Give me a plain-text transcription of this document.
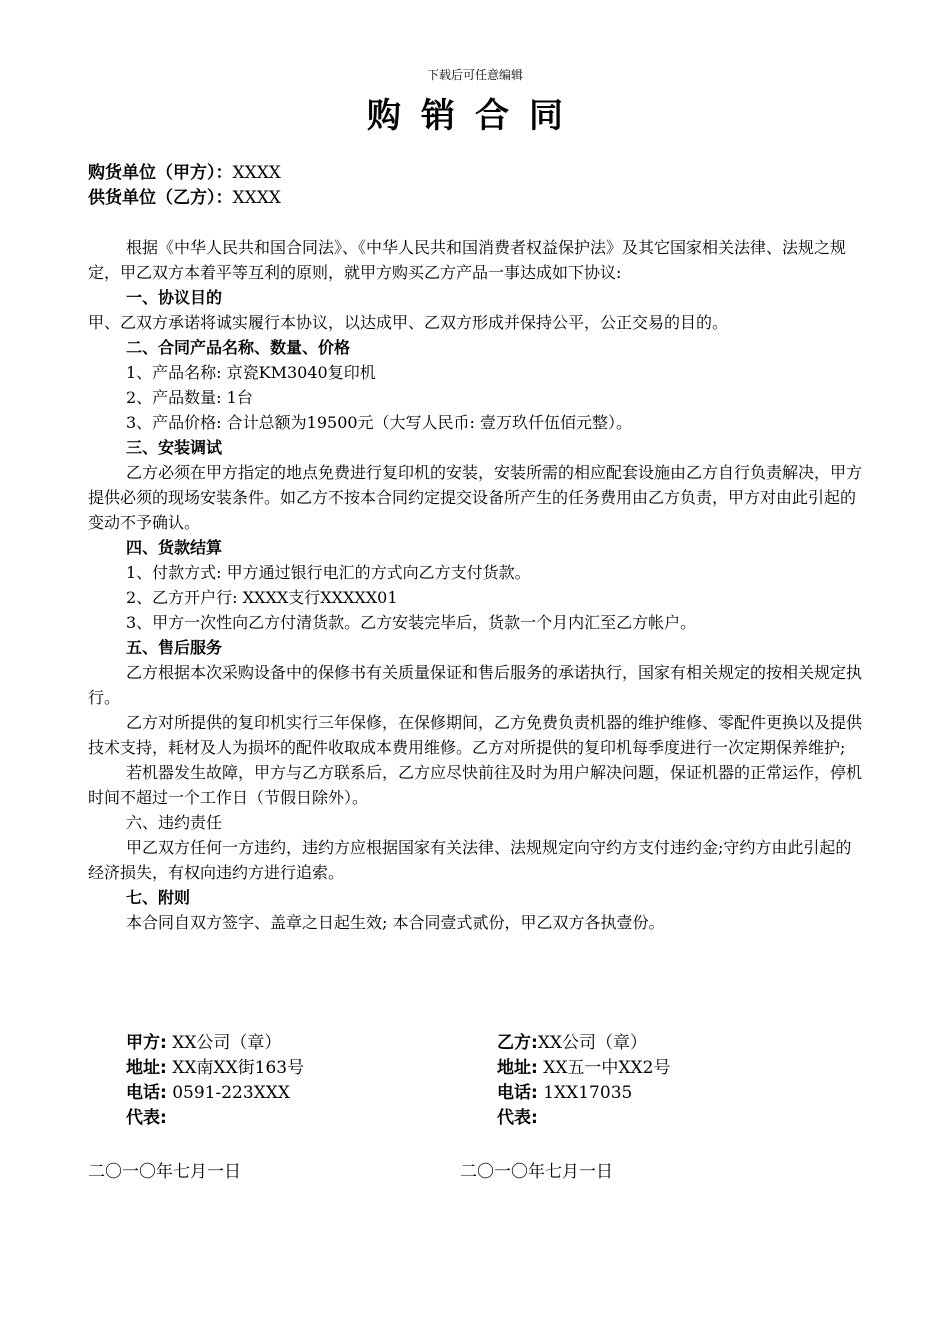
下载后可任意编辑
购销合同
购货单位（甲方）：XXXX
供货单位（乙方）：XXXX

根据《中华人民共和国合同法》、《中华人民共和国消费者权益保护法》及其它国家相关法律、法规之规定，甲乙双方本着平等互利的原则，就甲方购买乙方产品一事达成如下协议:

一、协议目的

甲、乙双方承诺将诚实履行本协议，以达成甲、乙双方形成并保持公平，公正交易的目的。

二、合同产品名称、数量、价格

1、产品名称: 京瓷KM3040复印机

2、产品数量: 1台

3、产品价格: 合计总额为19500元（大写人民币: 壹万玖仟伍佰元整）。

三、安装调试

乙方必须在甲方指定的地点免费进行复印机的安装，安装所需的相应配套设施由乙方自行负责解决，甲方提供必须的现场安装条件。如乙方不按本合同约定提交设备所产生的任务费用由乙方负责，甲方对由此引起的变动不予确认。

四、货款结算

1、付款方式: 甲方通过银行电汇的方式向乙方支付货款。

2、乙方开户行: XXXX支行XXXXX01

3、甲方一次性向乙方付清货款。乙方安装完毕后，货款一个月内汇至乙方帐户。

五、售后服务

乙方根据本次采购设备中的保修书有关质量保证和售后服务的承诺执行，国家有相关规定的按相关规定执行。

乙方对所提供的复印机实行三年保修，在保修期间，乙方免费负责机器的维护维修、零配件更换以及提供技术支持，耗材及人为损坏的配件收取成本费用维修。乙方对所提供的复印机每季度进行一次定期保养维护;

若机器发生故障，甲方与乙方联系后，乙方应尽快前往及时为用户解决问题，保证机器的正常运作，停机时间不超过一个工作日（节假日除外）。

六、违约责任

甲乙双方任何一方违约，违约方应根据国家有关法律、法规规定向守约方支付违约金;守约方由此引起的经济损失，有权向违约方进行追索。

七、附则

本合同自双方签字、盖章之日起生效; 本合同壹式贰份，甲乙双方各执壹份。

甲方: XX公司（章）
地址: XX南XX街163号
电话: 0591-223XXX
代表:
乙方:XX公司（章）
地址: XX五一中XX2号
电话: 1XX17035
代表:
二〇一〇年七月一日	二〇一〇年七月一日
